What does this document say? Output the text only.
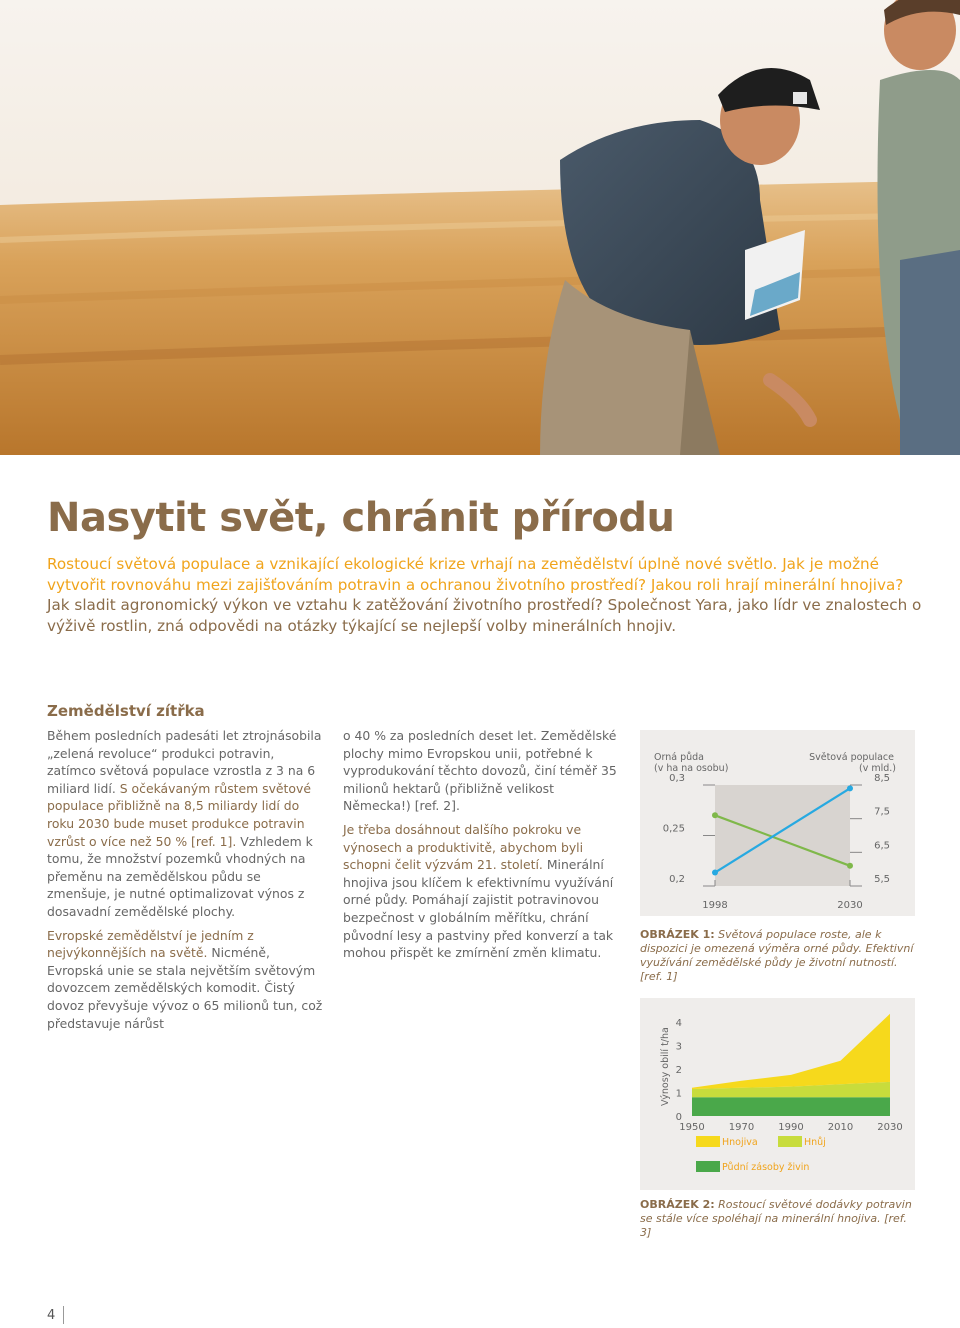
Nasytit svět, chránit přírodu

Rostoucí světová populace a vznikající ekologické krize vrhají na zemědělství úplně nové světlo. Jak je možné vytvořit rovnováhu mezi zajišťováním potravin a ochranou životního prostředí? Jakou roli hrají minerální hnojiva? Jak sladit agronomický výkon ve vztahu k zatěžování životního prostředí? Společnost Yara, jako lídr ve znalostech o výživě rostlin, zná odpovědi na otázky týkající se nejlepší volby minerálních hnojiv.

Zemědělství zítřka

Během posledních padesáti let ztrojnásobila „zelená revoluce“ produkci potravin, zatímco světová populace vzrostla z 3 na 6 miliard lidí. S očekávaným růstem světové populace přibližně na 8,5 miliardy lidí do roku 2030 bude muset produkce potravin vzrůst o více než 50 % [ref. 1]. Vzhledem k tomu, že množství pozemků vhodných na přeměnu na zemědělskou půdu se zmenšuje, je nutné optimalizovat výnos z dosavadní zemědělské plochy.

Evropské zemědělství je jedním z nejvýkonnějších na světě. Nicméně, Evropská unie se stala největším světovým dovozcem zemědělských komodit. Čistý dovoz převyšuje vývoz o 65 milionů tun, což představuje nárůst

o 40 % za posledních deset let. Zemědělské plochy mimo Evropskou unii, potřebné k vyprodukování těchto dovozů, činí téměř 35 milionů hektarů (přibližně velikost Německa!) [ref. 2].

Je třeba dosáhnout dalšího pokroku ve výnosech a produktivitě, abychom byli schopni čelit výzvám 21. století. Minerální hnojiva jsou klíčem k efektivnímu využívání orné půdy. Pomáhají zajistit potravinovou bezpečnost v globálním měřítku, chrání původní lesy a pastviny před konverzí a tak mohou přispět ke zmírnění změn klimatu.

Orná půda
(v ha na osobu)
Světová populace
(v mld.)
0,3
0,25
0,2
8,5
7,5
6,5
5,5
1998	2030
OBRÁZEK 1: Světová populace roste, ale k dispozici je omezená výměra orné půdy. Efektivní využívání zemědělské půdy je životní nutností. [ref. 1]
Výnosy obilí t/ha
4
3
2
1
0
1950 1970 1990 2010 2030
Hnojiva	Hnůj
Půdní zásoby živin
OBRÁZEK 2: Rostoucí světové dodávky potravin se stále více spoléhají na minerální hnojiva. [ref. 3]
4
